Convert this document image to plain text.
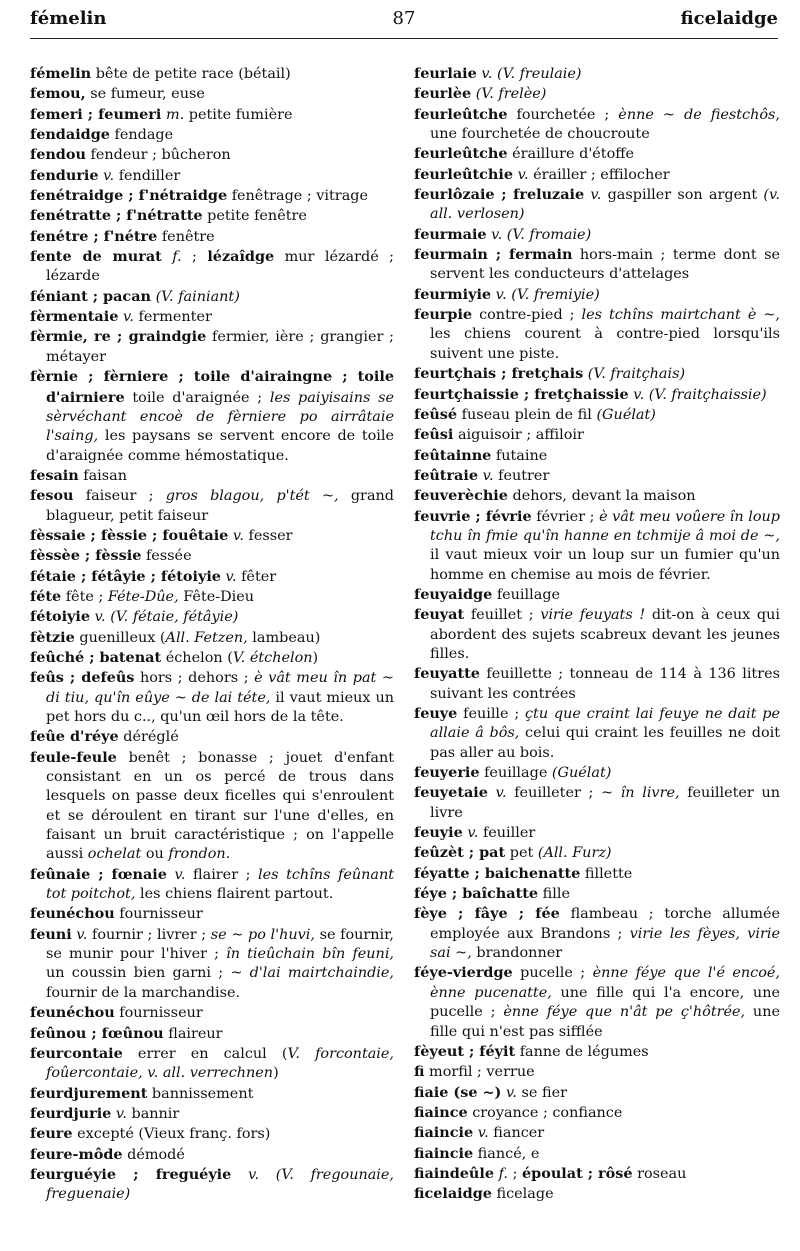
fémelin	87	ficelaidge

fémelin bête de petite race (bétail)

femou, se fumeur, euse

femeri ; feumeri m. petite fumière

fendaidge fendage

fendou fendeur ; bûcheron

fendurie v. fendiller

fenétraidge ; f'nétraidge fenêtrage ; vitrage

fenétratte ; f'nétratte petite fenêtre

fenétre ; f'nétre fenêtre

fente de murat f. ; lézaîdge mur lézardé ; lézarde

féniant ; pacan (V. fainiant)

fèrmentaie v. fermenter

fèrmie, re ; graindgie fermier, ière ; grangier ; métayer

fèrnie ; fèrniere ; toile d'airaingne ; toile d'airniere toile d'araignée ; les paiyisains se sèrvéchant encoè de fèrniere po airrâtaie l'saing, les paysans se servent encore de toile d'araignée comme hémostatique.

fesain faisan

fesou faiseur ; gros blagou, p'tét ~, grand blagueur, petit faiseur

fèssaie ; fèssie ; fouêtaie v. fesser

fèssèe ; fèssie fessée

fétaie ; fétâyie ; fétoiyie v. fêter

féte fête ; Féte-Dûe, Fête-Dieu

fétoiyie v. (V. fétaie, fétâyie)

fètzie guenilleux (All. Fetzen, lambeau)

feûché ; batenat échelon (V. étchelon)

feûs ; defeûs hors ; dehors ; è vât meu în pat ~ di tiu, qu'în eûye ~ de lai téte, il vaut mieux un pet hors du c.., qu'un œil hors de la tête.

feûe d'réye déréglé

feule-feule benêt ; bonasse ; jouet d'enfant consistant en un os percé de trous dans lesquels on passe deux ficelles qui s'enroulent et se déroulent en tirant sur l'une d'elles, en faisant un bruit caractéristique ; on l'appelle aussi ochelat ou frondon.

feûnaie ; fœnaie v. flairer ; les tchîns feûnant tot poitchot, les chiens flairent partout.

feunéchou fournisseur

feuni v. fournir ; livrer ; se ~ po l'huvi, se fournir, se munir pour l'hiver ; în tieûchain bîn feuni, un coussin bien garni ; ~ d'lai mairtchaindie, fournir de la marchandise.

feunéchou fournisseur

feûnou ; fœûnou flaireur

feurcontaie errer en calcul (V. forcontaie, foûercontaie, v. all. verrechnen)

feurdjurement bannissement

feurdjurie v. bannir

feure excepté (Vieux franç. fors)

feure-môde démodé

feurguéyie ; freguéyie v. (V. fregounaie, freguenaie)

feurlaie v. (V. freulaie)

feurlèe (V. frelèe)

feurleûtche fourchetée ; ènne ~ de fiestchôs, une fourchetée de choucroute

feurleûtche éraillure d'étoffe

feurleûtchie v. érailler ; effilocher

feurlôzaie ; freluzaie v. gaspiller son argent (v. all. verlosen)

feurmaie v. (V. fromaie)

feurmain ; fermain hors-main ; terme dont se servent les conducteurs d'attelages

feurmiyie v. (V. fremiyie)

feurpie contre-pied ; les tchîns mairtchant è ~, les chiens courent à contre-pied lorsqu'ils suivent une piste.

feurtçhais ; fretçhais (V. fraitçhais)

feurtçhaissie ; fretçhaissie v. (V. fraitçhaissie)

feûsé fuseau plein de fil (Guélat)

feûsi aiguisoir ; affiloir

feûtainne futaine

feûtraie v. feutrer

feuverèchie dehors, devant la maison

feuvrie ; févrie février ; è vât meu voûere în loup tchu în fmie qu'în hanne en tchmije â moi de ~, il vaut mieux voir un loup sur un fumier qu'un homme en chemise au mois de février.

feuyaidge feuillage

feuyat feuillet ; virie feuyats ! dit-on à ceux qui abordent des sujets scabreux devant les jeunes filles.

feuyatte feuillette ; tonneau de 114 à 136 litres suivant les contrées

feuye feuille ; çtu que craint lai feuye ne dait pe allaie â bôs, celui qui craint les feuilles ne doit pas aller au bois.

feuyerie feuillage (Guélat)

feuyetaie v. feuilleter ; ~ în livre, feuilleter un livre

feuyie v. feuiller

feûzèt ; pat pet (All. Furz)

féyatte ; baichenatte fillette

féye ; baîchatte fille

fèye ; fâye ; fée flambeau ; torche allumée employée aux Brandons ; virie les fèyes, virie sai ~, brandonner

féye-vierdge pucelle ; ènne féye que l'é encoé, ènne pucenatte, une fille qui l'a encore, une pucelle ; ènne féye que n'ât pe ç'hôtrée, une fille qui n'est pas sifflée

fèyeut ; féyit fanne de légumes

fi morfil ; verrue

fiaie (se ~) v. se fier

fiaince croyance ; confiance

fiaincie v. fiancer

fiaincie fiancé, e

fiaindeûle f. ; époulat ; rôsé roseau

ficelaidge ficelage
